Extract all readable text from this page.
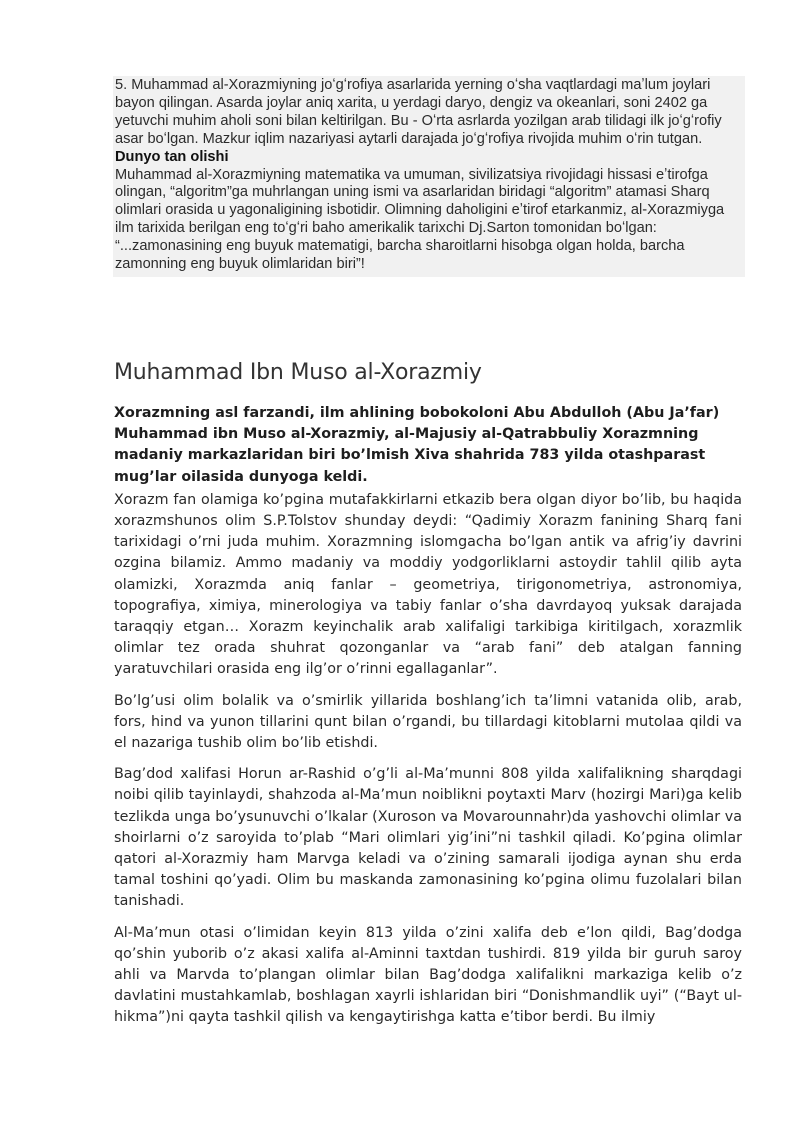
5. Muhammad al-Xorazmiyning joʻgʻrofiya asarlarida yerning oʻsha vaqtlardagi maʼlum joylari bayon qilingan. Asarda joylar aniq xarita, u yerdagi daryo, dengiz va okeanlari, soni 2402 ga yetuvchi muhim aholi soni bilan keltirilgan. Bu - Oʻrta asrlarda yozilgan arab tilidagi ilk joʻgʻrofiy asar boʻlgan. Mazkur iqlim nazariyasi aytarli darajada joʻgʻrofiya rivojida muhim oʻrin tutgan.

Dunyo tan olishi

Muhammad al-Xorazmiyning matematika va umuman, sivilizatsiya rivojidagi hissasi eʼtirofga olingan, “algoritm”ga muhrlangan uning ismi va asarlaridan biridagi “algoritm” atamasi Sharq olimlari orasida u yagonaligining isbotidir. Olimning daholigini eʼtirof etarkanmiz, al-Xorazmiyga ilm tarixida berilgan eng toʻgʻri baho amerikalik tarixchi Dj.Sarton tomonidan boʻlgan: “...zamonasining eng buyuk matematigi, barcha sharoitlarni hisobga olgan holda, barcha zamonning eng buyuk olimlaridan biri”!

Muhammad Ibn Muso al-Xorazmiy

Xorazmning asl farzandi, ilm ahlining bobokoloni Abu Abdulloh (Abu Ja’far) Muhammad ibn Muso al-Xorazmiy, al-Majusiy al-Qatrabbuliy Xorazmning madaniy markazlaridan biri bo’lmish Xiva shahrida 783 yilda otashparast mug’lar oilasida dunyoga keldi.

Xorazm fan olamiga ko’pgina mutafakkirlarni etkazib bera olgan diyor bo’lib, bu haqida xorazmshunos olim S.P.Tolstov shunday deydi: “Qadimiy Xorazm fanining Sharq fani tarixidagi o’rni juda muhim. Xorazmning islomgacha bo’lgan antik va afrig’iy davrini ozgina bilamiz. Ammo madaniy va moddiy yodgorliklarni astoydir tahlil qilib ayta olamizki, Xorazmda aniq fanlar – geometriya, tirigonometriya, astronomiya, topografiya, ximiya, minerologiya va tabiy fanlar o’sha davrdayoq yuksak darajada taraqqiy etgan… Xorazm keyinchalik arab xalifaligi tarkibiga kiritilgach, xorazmlik olimlar tez orada shuhrat qozonganlar va “arab fani” deb atalgan fanning yaratuvchilari orasida eng ilg’or o’rinni egallaganlar”.

Bo’lg’usi olim bolalik va o’smirlik yillarida boshlang’ich ta’limni vatanida olib, arab, fors, hind va yunon tillarini qunt bilan o’rgandi, bu tillardagi kitoblarni mutolaa qildi va el nazariga tushib olim bo’lib etishdi.

Bag’dod xalifasi Horun ar-Rashid o’g’li al-Ma’munni 808 yilda xalifalikning sharqdagi noibi qilib tayinlaydi, shahzoda al-Ma’mun noiblikni poytaxti Marv (hozirgi Mari)ga kelib tezlikda unga bo’ysunuvchi o’lkalar (Xuroson va Movarounnahr)da yashovchi olimlar va shoirlarni o’z saroyida to’plab “Mari olimlari yig’ini”ni tashkil qiladi. Ko’pgina olimlar qatori al-Xorazmiy ham Marvga keladi va o’zining samarali ijodiga aynan shu erda tamal toshini qo’yadi. Olim bu maskanda zamonasining ko’pgina olimu fuzolalari bilan tanishadi.

Al-Ma’mun otasi o’limidan keyin 813 yilda o’zini xalifa deb e’lon qildi, Bag’dodga qo’shin yuborib o’z akasi xalifa al-Aminni taxtdan tushirdi. 819 yilda bir guruh saroy ahli va Marvda to’plangan olimlar bilan Bag’dodga xalifalikni markaziga kelib o’z davlatini mustahkamlab, boshlagan xayrli ishlaridan biri “Donishmandlik uyi” (“Bayt ul-hikma”)ni qayta tashkil qilish va kengaytirishga katta e’tibor berdi. Bu ilmiy
